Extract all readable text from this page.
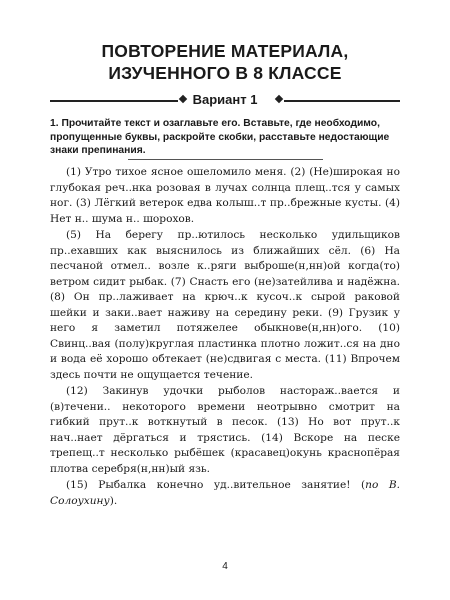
ПОВТОРЕНИЕ МАТЕРИАЛА,
ИЗУЧЕННОГО В 8 КЛАССЕ
Вариант 1
1. Прочитайте текст и озаглавьте его. Вставьте, где необходимо, пропущенные буквы, раскройте скобки, расставьте недостающие знаки препинания.

(1) Утро тихое ясное ошеломило меня. (2) (Не)широкая но глубокая реч..нка розовая в лучах солнца плещ..тся у самых ног. (3) Лёгкий ветерок едва колыш..т пр..брежные кусты. (4) Нет н.. шума н.. шорохов.

(5) На берегу пр..ютилось несколько удильщиков пр..ехавших как выяснилось из ближайших сёл. (6) На песчаной отмел.. возле к..ряги выброше(н,нн)ой когда(то) ветром сидит рыбак. (7) Снасть его (не)затейлива и надёжна. (8) Он пр..лаживает на крюч..к кусоч..к сырой раковой шейки и заки..вает наживу на середину реки. (9) Грузик у него я заметил потяжелее обыкнове(н,нн)ого. (10) Свинц..вая (полу)круглая пластинка плотно ложит..ся на дно и вода её хорошо обтекает (не)сдвигая с места. (11) Впрочем здесь почти не ощущается течение.

(12) Закинув удочки рыболов настораж..вается и (в)течени.. некоторого времени неотрывно смотрит на гибкий прут..к воткнутый в песок. (13) Но вот прут..к нач..нает дёргаться и трястись. (14) Вскоре на песке трепещ..т несколько рыбёшек (красавец)окунь краснопёрая плотва серебря(н,нн)ый язь.

(15) Рыбалка конечно уд..вительное занятие! (по В. Солоухину).

4
